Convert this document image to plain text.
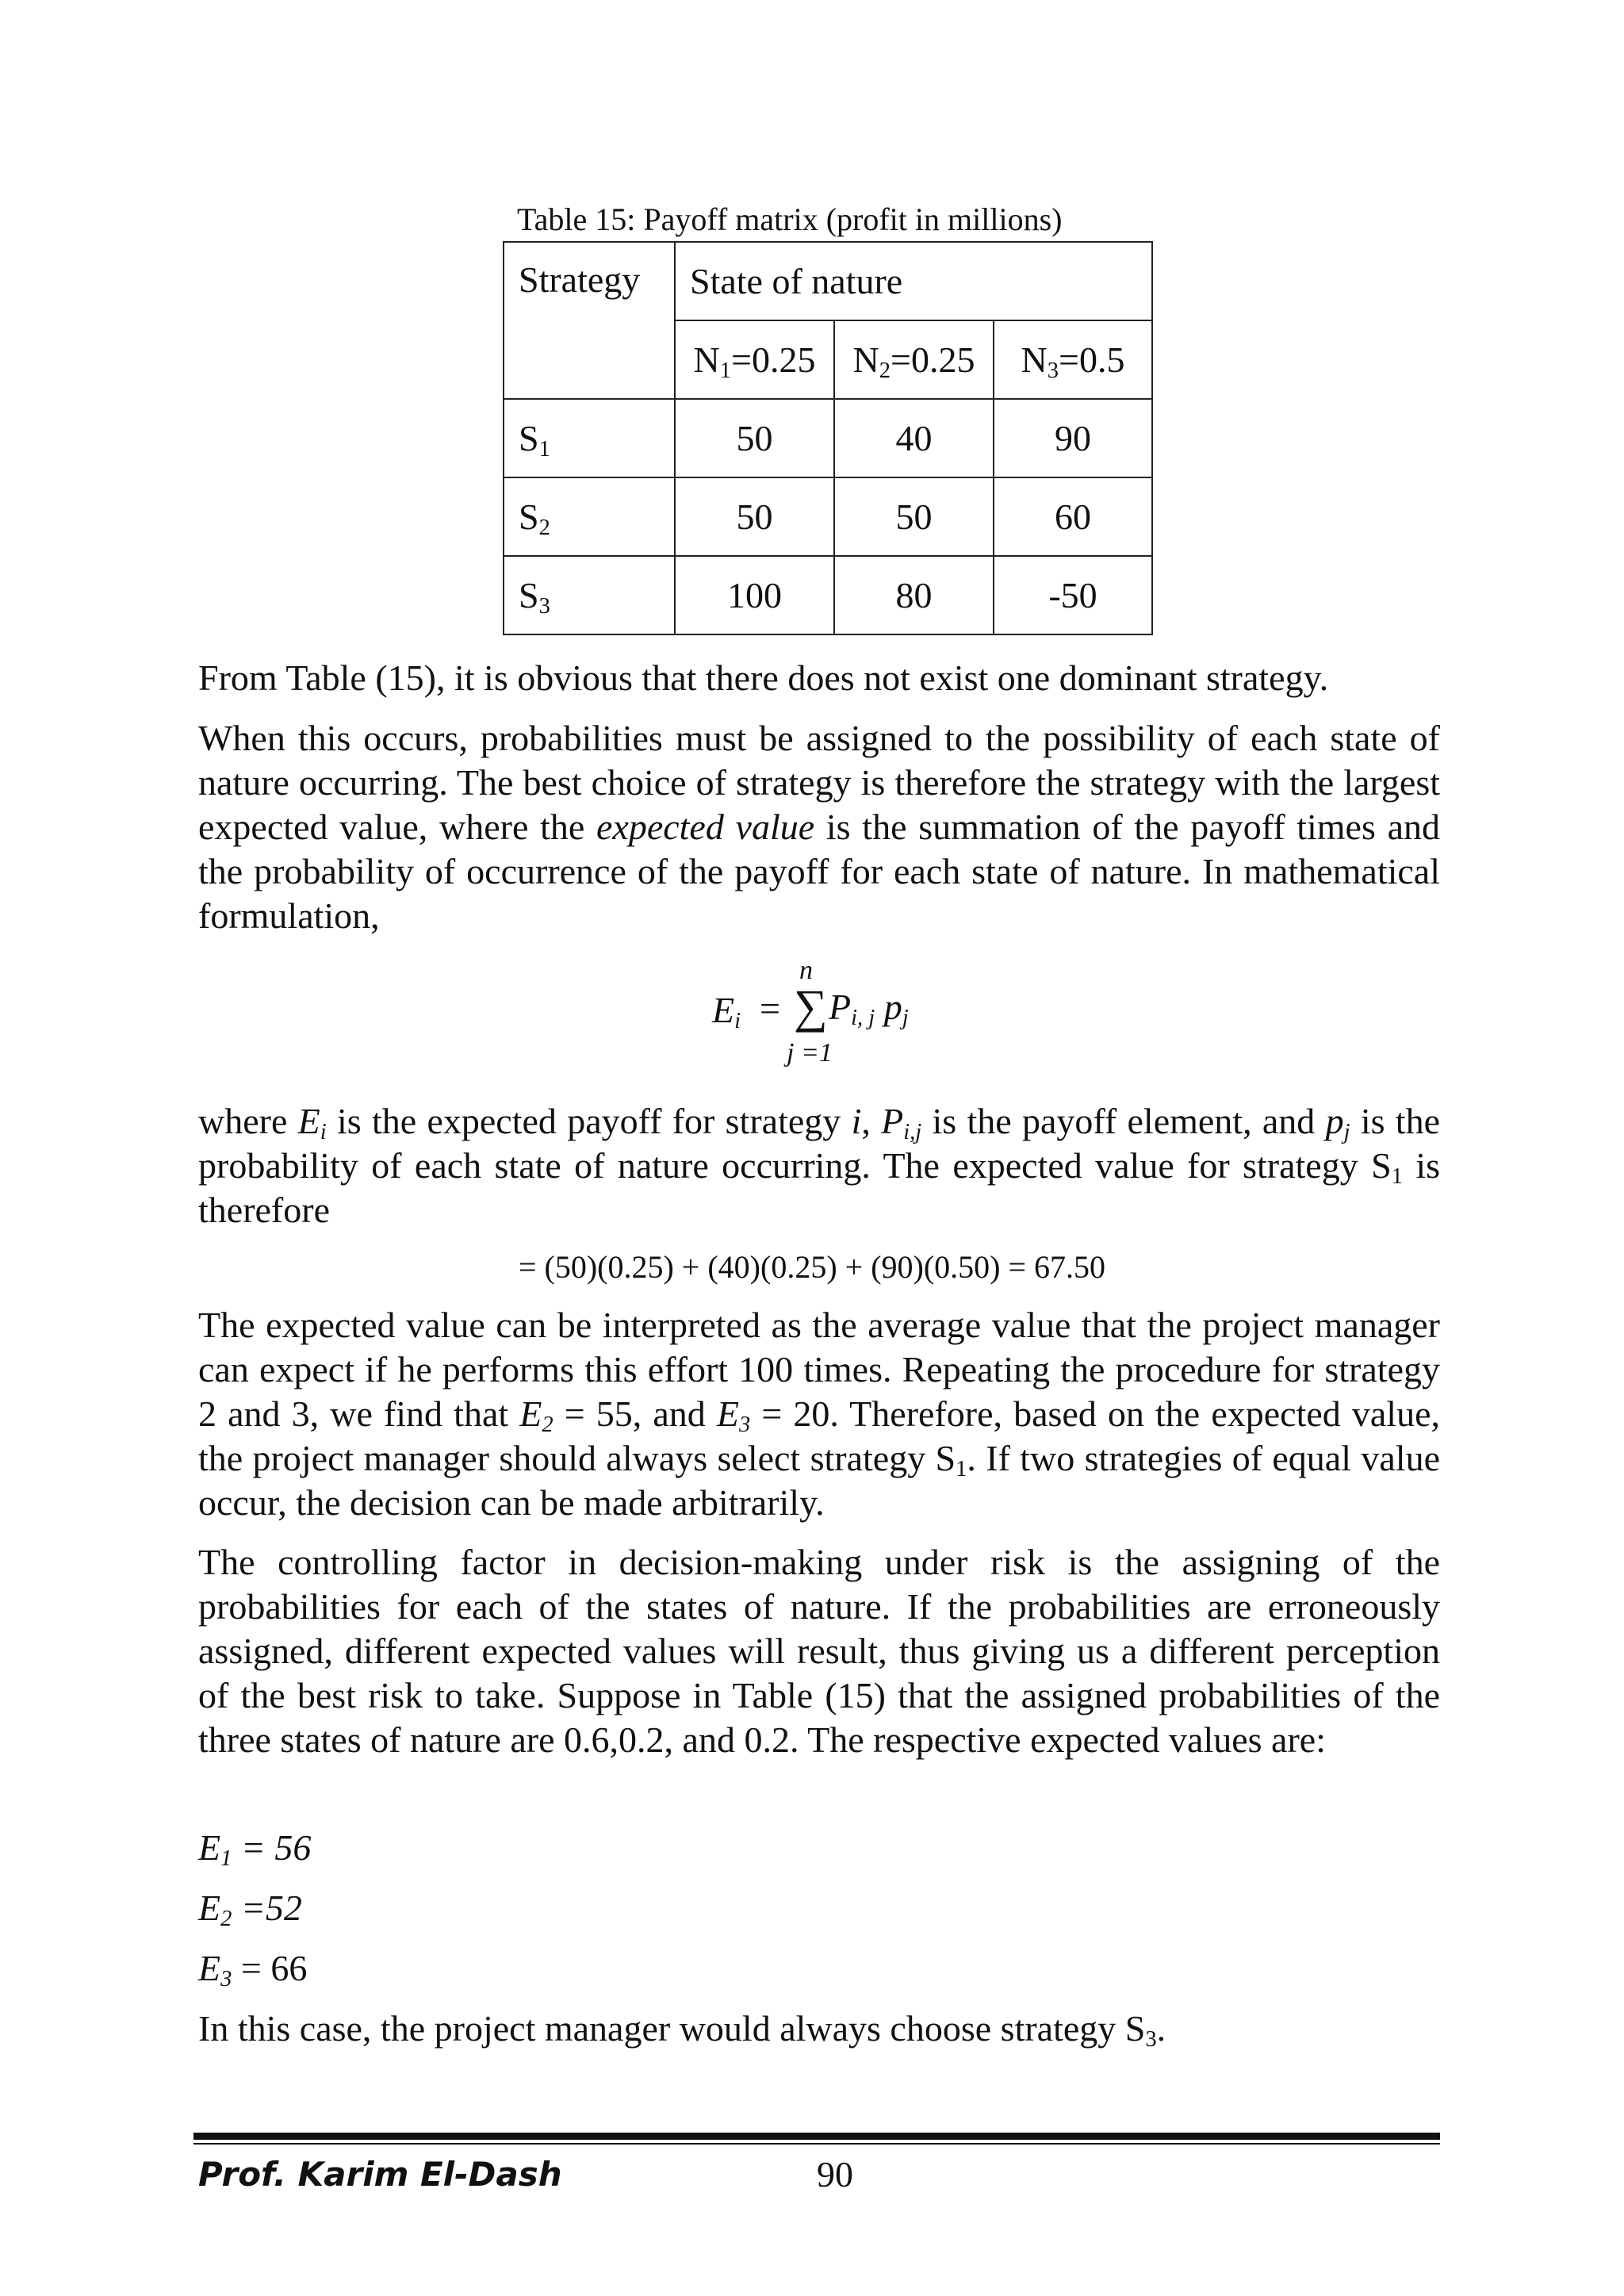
Table 15: Payoff matrix (profit in millions)
Strategy	State of nature		
	$N_1=0.25$	$N_2=0.25$	$N_3=0.5$
$S_1$	50	40	90
$S_2$	50	50	60
$S_3$	100	80	-50

From Table (15), it is obvious that there does not exist one dominant strategy.

When this occurs, probabilities must be assigned to the possibility of each state of nature occurring. The best choice of strategy is therefore the strategy with the largest expected value, where the expected value is the summation of the payoff times and the probability of occurrence of the payoff for each state of nature. In mathematical formulation,

$E_i$ = ∑
n
j =1
$P_{i, j}$ $p_j$

where $E_i$ is the expected payoff for strategy i, $P_{i,j}$ is the payoff element, and $p_j$ is the probability of each state of nature occurring. The expected value for strategy $S_1$ is therefore

= (50)(0.25) + (40)(0.25) + (90)(0.50) = 67.50

The expected value can be interpreted as the average value that the project manager can expect if he performs this effort 100 times. Repeating the procedure for strategy 2 and 3, we find that $E_2 = 55$, and $E_3 = 20$. Therefore, based on the expected value, the project manager should always select strategy $S_1$. If two strategies of equal value occur, the decision can be made arbitrarily.

The controlling factor in decision-making under risk is the assigning of the probabilities for each of the states of nature. If the probabilities are erroneously assigned, different expected values will result, thus giving us a different perception of the best risk to take. Suppose in Table (15) that the assigned probabilities of the three states of nature are 0.6,0.2, and 0.2. The respective expected values are:

$E_1 = 56$
$E_2 =52$
$E_3 = 66$

In this case, the project manager would always choose strategy $S_3$.

Prof. Karim El-Dash	90
